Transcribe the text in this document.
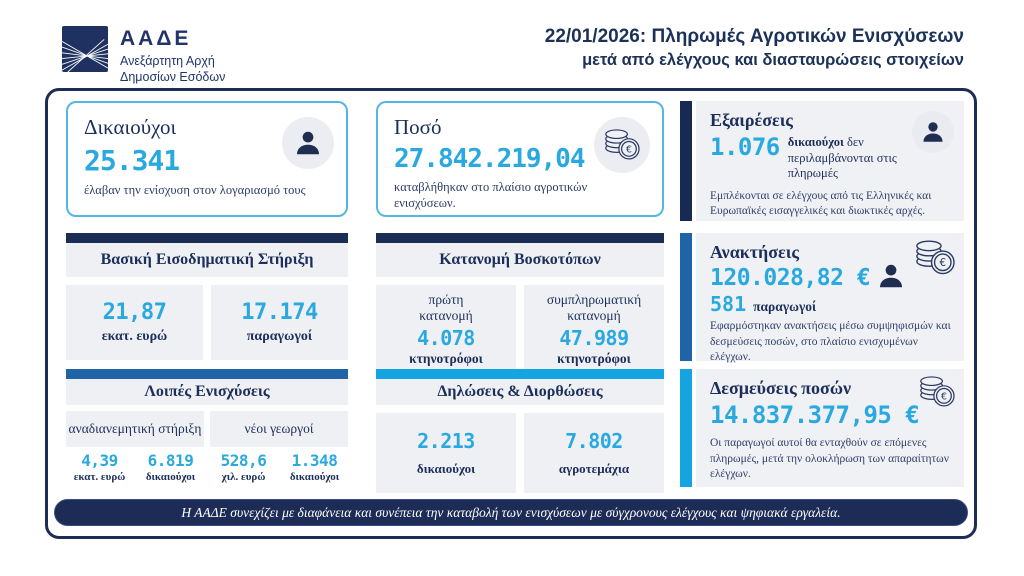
ΑΑΔΕ
Ανεξάρτητη Αρχή
Δημοσίων Εσόδων
22/01/2026: Πληρωμές Αγροτικών Ενισχύσεων
μετά από ελέγχους και διασταυρώσεις στοιχείων
Δικαιούχοι
25.341
έλαβαν την ενίσχυση στον λογαριασμό τους
Ποσό
27.842.219,04
καταβλήθηκαν στο πλαίσιο αγροτικών ενισχύσεων.
Βασική Εισοδηματική Στήριξη
21,87
εκατ. ευρώ
17.174
παραγωγοί
Κατανομή Βοσκοτόπων
πρώτη κατανομή
4.078
κτηνοτρόφοι
συμπληρωματική κατανομή
47.989
κτηνοτρόφοι
Λοιπές Ενισχύσεις
αναδιανεμητική στήριξη
4,39
εκατ. ευρώ
6.819
δικαιούχοι
νέοι γεωργοί
528,6
χιλ. ευρώ
1.348
δικαιούχοι
Δηλώσεις & Διορθώσεις
2.213
δικαιούχοι
7.802
αγροτεμάχια
Εξαιρέσεις
1.076 δικαιούχοι δεν περιλαμβάνονται στις πληρωμές
Εμπλέκονται σε ελέγχους από τις Ελληνικές και Ευρωπαϊκές εισαγγελικές και διωκτικές αρχές.
Ανακτήσεις
120.028,82 €
581 παραγωγοί
Εφαρμόστηκαν ανακτήσεις μέσω συμψηφισμών και δεσμεύσεις ποσών, στο πλαίσιο ενισχυμένων ελέγχων.
Δεσμεύσεις ποσών
14.837.377,95 €
Οι παραγωγοί αυτοί θα ενταχθούν σε επόμενες πληρωμές, μετά την ολοκλήρωση των απαραίτητων ελέγχων.
Η ΑΑΔΕ συνεχίζει με διαφάνεια και συνέπεια την καταβολή των ενισχύσεων με σύγχρονους ελέγχους και ψηφιακά εργαλεία.
